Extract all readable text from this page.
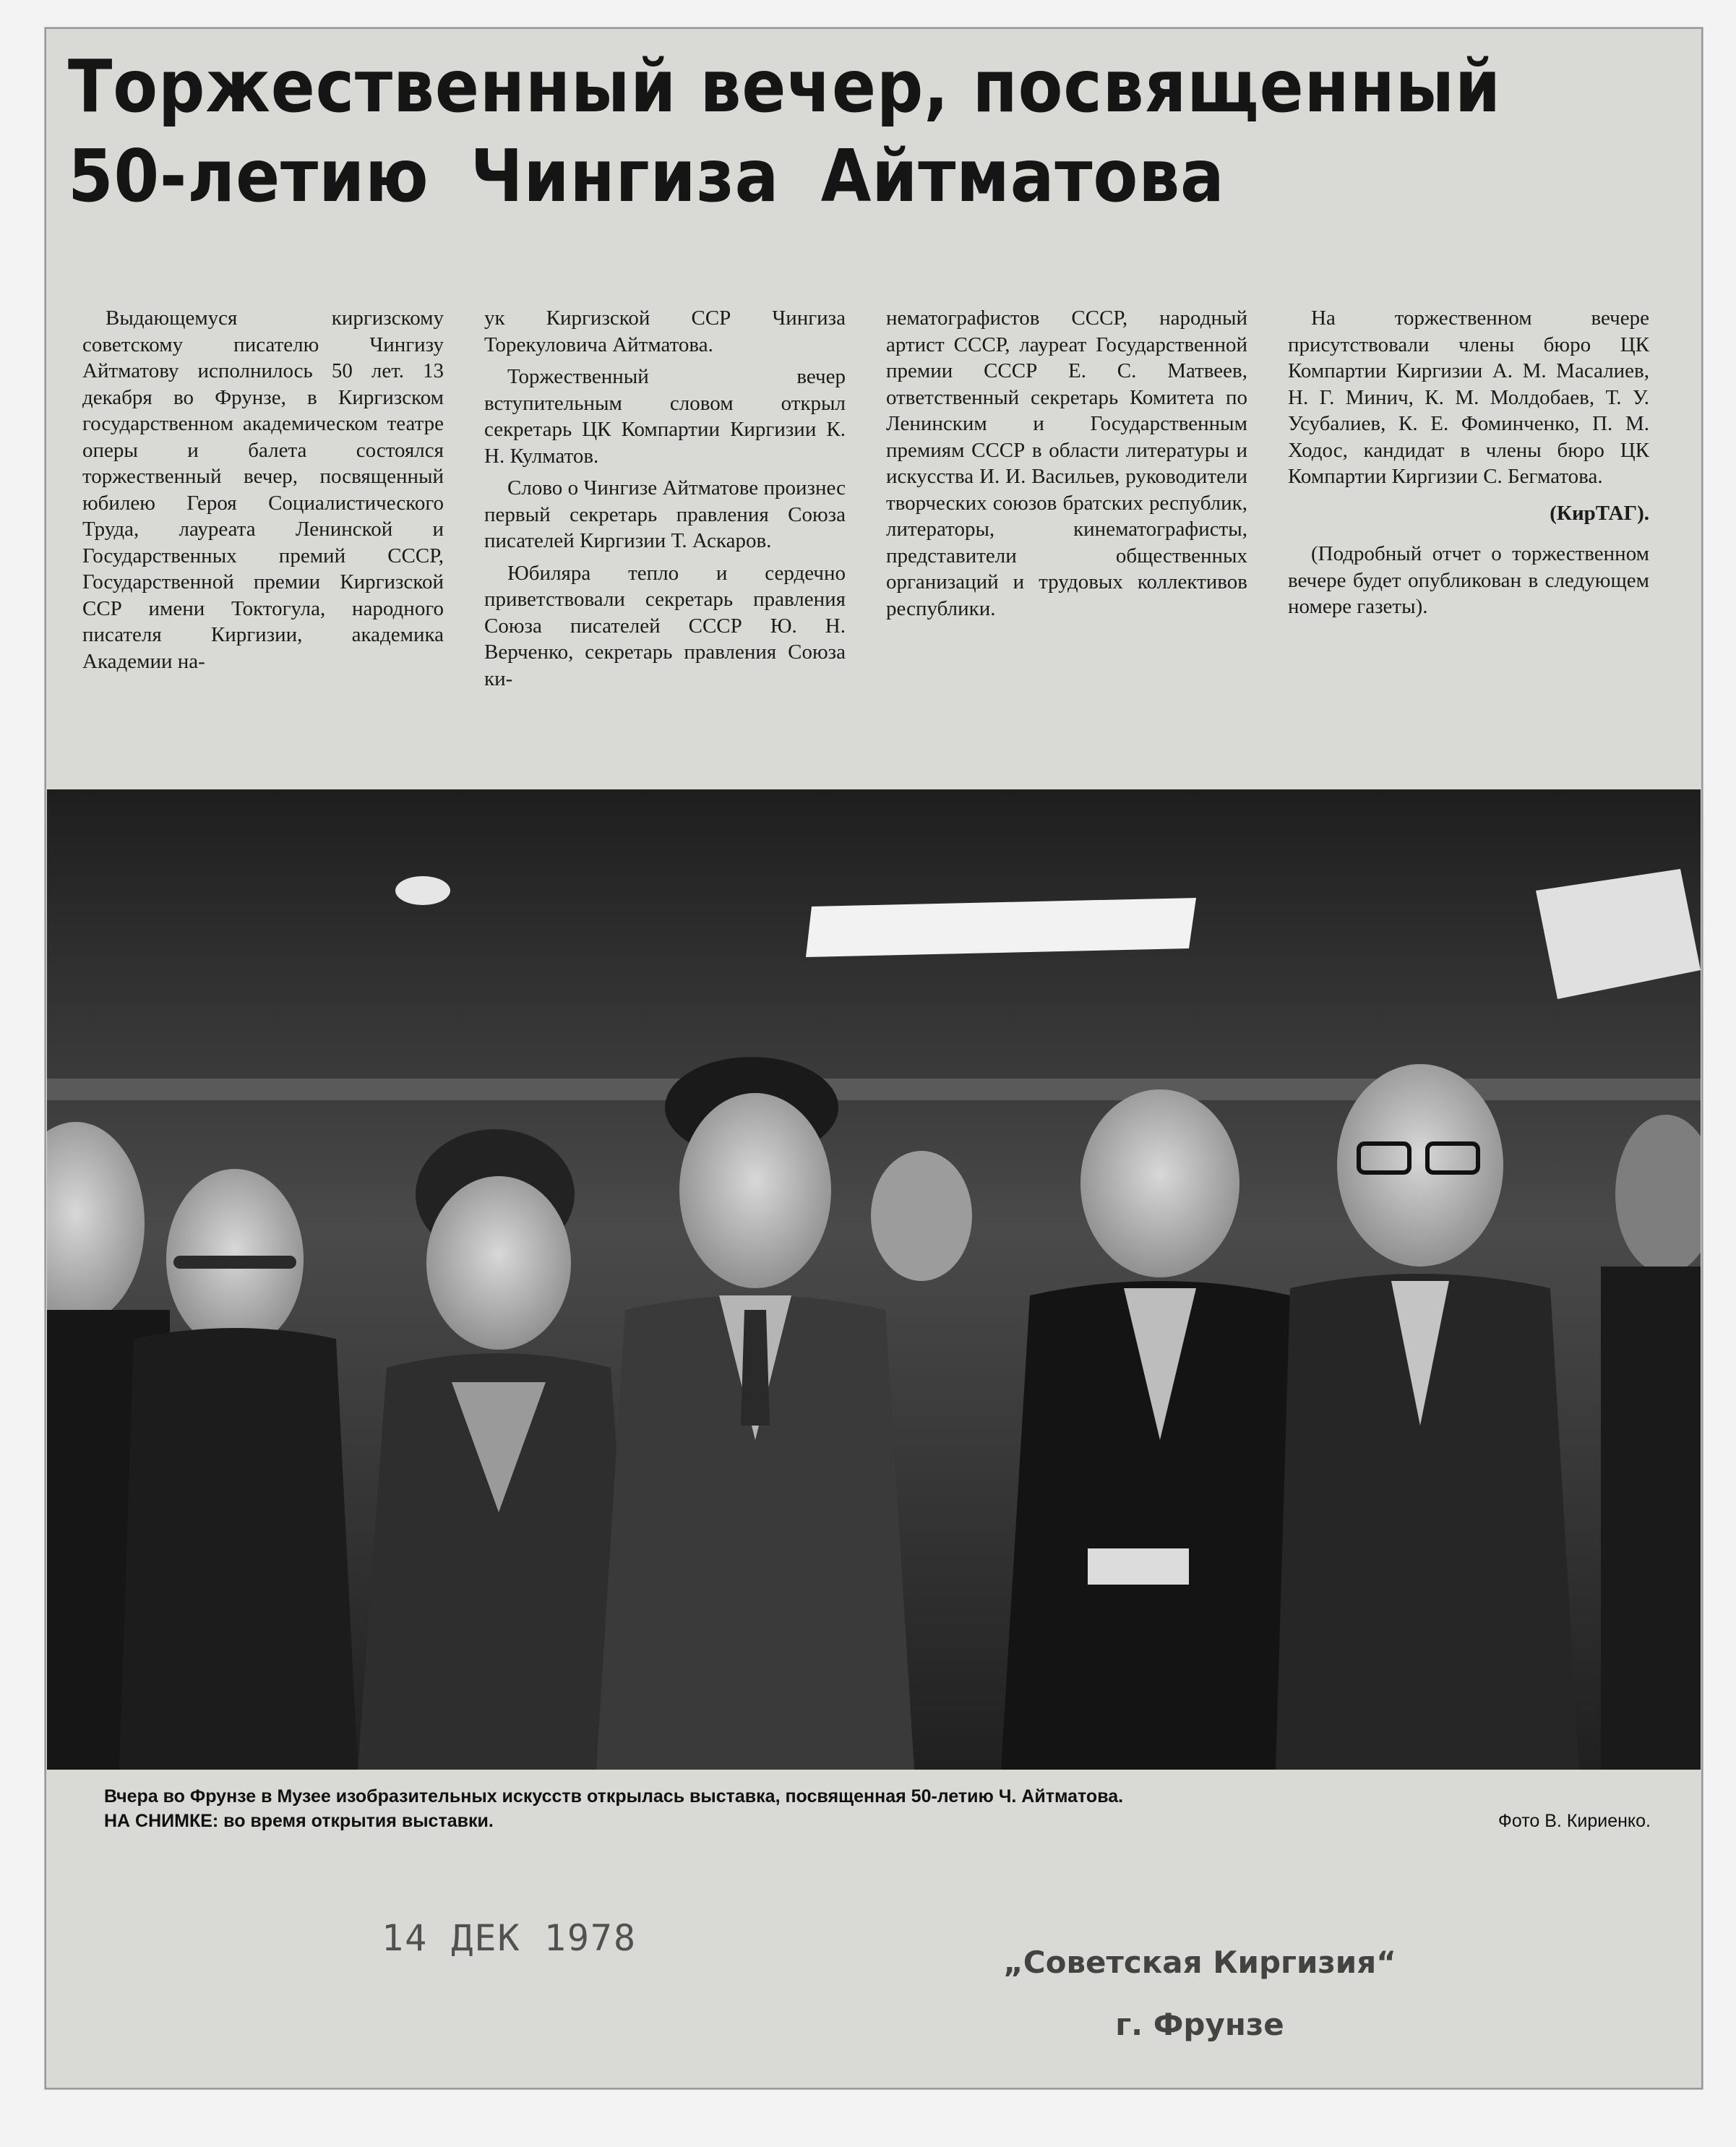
Торжественный вечер, посвященный
50-летию Чингиза Айтматова

Выдающемуся киргизскому советскому писателю Чингизу Айтматову исполнилось 50 лет. 13 декабря во Фрунзе, в Киргизском государственном академическом театре оперы и балета состоялся торжественный вечер, посвященный юбилею Героя Социалистического Труда, лауреата Ленинской и Государственных премий СССР, Государственной премии Киргизской ССР имени Токтогула, народного писателя Киргизии, академика Академии на-

ук Киргизской ССР Чингиза Торекуловича Айтматова.

Торжественный вечер вступительным словом открыл секретарь ЦК Компартии Киргизии К. Н. Кулматов.

Слово о Чингизе Айтматове произнес первый секретарь правления Союза писателей Киргизии Т. Аскаров.

Юбиляра тепло и сердечно приветствовали секретарь правления Союза писателей СССР Ю. Н. Верченко, секретарь правления Союза ки-

нематографистов СССР, народный артист СССР, лауреат Государственной премии СССР Е. С. Матвеев, ответственный секретарь Комитета по Ленинским и Государственным премиям СССР в области литературы и искусства И. И. Васильев, руководители творческих союзов братских республик, литераторы, кинематографисты, представители общественных организаций и трудовых коллективов республики.

На торжественном вечере присутствовали члены бюро ЦК Компартии Киргизии А. М. Масалиев, Н. Г. Минич, К. М. Молдобаев, Т. У. Усубалиев, К. Е. Фоминченко, П. М. Ходос, кандидат в члены бюро ЦК Компартии Киргизии С. Бегматова.

(КирТАГ).

(Подробный отчет о торжественном вечере будет опубликован в следующем номере газеты).

Вчера во Фрунзе в Музее изобразительных искусств открылась выставка, посвященная 50-летию Ч. Айтматова.
НА СНИМКЕ: во время открытия выставки.	Фото В. Кириенко.
14 ДЕК 1978
„Советская Киргизия“
г. Фрунзе
